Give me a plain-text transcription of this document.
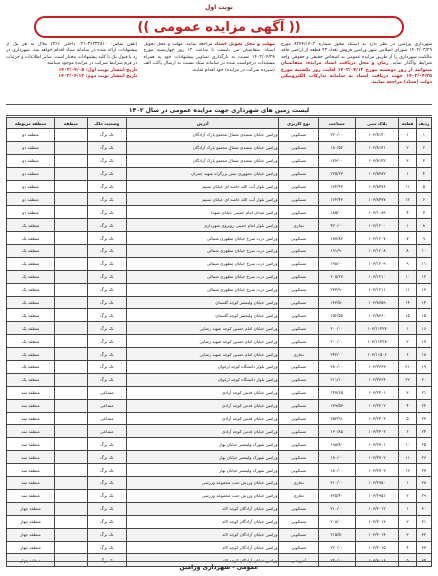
نوبت اول
(( آگهی مزایده عمومی ))
شهرداری ورامین در نظر دارد به استناد مجوز شماره ۸۲۴۴/۱۴۰۲ مورخ ۱۴۰۲/۰۳/۲۹ شورای اسلامی شهر ورامین فروش تعداد ۴۳ قطعه از اراضی فاقد مالکیت شهرداری را از طریق مزایده عمومی به اشخاص حقیقی و حقوقی واجد شرایط واگذار نماید. زمان و محل دریافت اسناد مزایده: متقاضیان میتوانند از روز دوشنبه مورخ ۱۴۰۲/۰۴/۱۲ لغایت روز یکشنبه مورخ ۱۴۰۲/۰۴/۲۵ جهت دریافت اسناد به سامانه تدارکات الکترونیکی دولت (ستاد) مراجعه نمایند.
مهلت و محل تحویل اسناد مراجعه نمایند. مهلت و محل تحویل اسناد: متقاضیان می بایست تا ساعت ۱۲ روز چهارشنبه مورخ ۱۴۰۲/۰۴/۲۸ نسبت به بارگذاری تصاویر پیشنهادات خود به همراه مستندات درخواست شده در سامانه ستاد نسبت به ارسال پاکت الف (سپرده شرکت در مزایده) خود اقدام نمایند.
(تلفن تماس: ۳۶۲۳۲۸۱۰-۰۲۱ داخلی ۳۶۶) ملاک به هر یک از پیشنهادات ارائه شده در سامانه ستاد اقدام خواهد شد. شهرداری در رد یا قبول یک یا کلیه پیشنهادات مختار است. سایر اطلاعات و جزئیات در فرم شرایط شرکت در مزایده موجود میباشد.
تاریخ انتشار نوبت اول: ۱۴۰۲/۰۴/۰۵
تاریخ انتشار نوبت دوم: ۱۴۰۲/۰۴/۱۲
لیست زمین های شهرداری جهت مزایده عمومی در سال ۱۴۰۲
ردیف	قطعه	پلاک ثبتی	مساحت	نوع کاربری	آدرس	وضعیت ملک	منطقه	منطقه مربوطه
۱	۱	۱۰۳/۸۱۴۰	۲۲۰/۰۰	مسکونی	ورامین خیابان سعیدی شمال مجتمع پارک آزادگان	تک برگ		منطقه دو
۲	۲	۱۰۳/۸۱۴۱	۱۸۰/۵۲	مسکونی	ورامین خیابان سعیدی شمال مجتمع پارک آزادگان	تک برگ		منطقه دو
۳	۳	۱۰۳/۸۱۴۲	۱۷۶/۰۰	مسکونی	ورامین خیابان سعیدی شمال مجتمع پارک آزادگان	تک برگ		منطقه دو
۴	۱	۱۰۳/۸۴۸۲	۲۲۵/۲۳	مسکونی	ورامین خیابان جمهوری نبش بزرگراه شهید چمران	تک برگ		منطقه دو
۵	۱۱	۱۰۳/۸۴۷۶	۱۶۴/۴۳	مسکونی	ورامین بلوار آیت الله خامنه ای خیابان نسیم	تک برگ		منطقه دو
۶	۱۲	۱۰۳/۸۴۷۷	۱۶۴/۴۳	مسکونی	ورامین بلوار آیت الله خامنه ای خیابان نسیم	تک برگ		منطقه دو
۷	۴	۱۰۳/۱۰۸۹	۱۸۵/۰۰	مسکونی	ورامین میدان امام خمینی خیابان شهدا	تک برگ		منطقه دو
۸	۱	۱۰۳/۱۲۰۰	۴۲۰/۰۰	تجاری	ورامین بلوار امام خمینی روبروی شهرداری	تک برگ		منطقه یک
۹	۷	۱۰۳/۱۲۰۷	۱۸۷/۸۶	مسکونی	ورامین درب سرخ خیابان مطهری شمالی	تک برگ		منطقه یک
۱۰	۸	۱۰۳/۱۲۰۸	۱۹۱/۹۰	مسکونی	ورامین درب سرخ خیابان مطهری شمالی	تک برگ		منطقه یک
۱۱	۹	۱۰۳/۱۲۰۹	۱۹۸/۰۰	مسکونی	ورامین درب سرخ خیابان مطهری شمالی	تک برگ		منطقه یک
۱۲	۱۰	۱۰۳/۱۲۱۰	۲۰۵/۲۷	مسکونی	ورامین درب سرخ خیابان مطهری شمالی	تک برگ		منطقه یک
۱۳	۱۱	۱۰۳/۱۲۱۱	۲۷۳/۹۰	مسکونی	ورامین درب سرخ خیابان مطهری شمالی	تک برگ		منطقه یک
۱۴	۱۴	۱۰۳/۸۳۵۹	۱۴۳/۵۰	مسکونی	ورامین خیابان ولیعصر کوچه گلستان	تک برگ		منطقه یک
۱۵	۱۵	۱۰۳/۸۳۶۰	۱۵۲/۵۸	مسکونی	ورامین خیابان ولیعصر کوچه گلستان	تک برگ		منطقه یک
۱۶	۱	۱۰۳/۱۱۴۲۷	۲۰۰/۰۰	مسکونی	ورامین خیابان امام حسین کوچه شهید رضایی	تک برگ		منطقه یک
۱۷	۲	۱۰۳/۱۱۴۲۸	۲۰۰/۰۰	مسکونی	ورامین خیابان امام حسین کوچه شهید رضایی	تک برگ		منطقه یک
۱۸	۶	۱۰۳/۱۱۵۰۶	۲۴۲/۰۰	تجاری	ورامین خیابان امام حسین کوچه شهید رضایی	تک برگ		منطقه یک
۱۹	۲۱	۱۰۳/۲۳۶۳	۲۸۰/۰۰	مسکونی	ورامین بلوار دانشگاه کوچه ارغوان	تک برگ		منطقه یک
۲۰	۲۲	۱۰۳/۲۳۶۴	۲۱۱/۱۰	مسکونی	ورامین بلوار دانشگاه کوچه ارغوان	تک برگ		منطقه یک
۲۱	۳	۱۰۳/۲۴۰۱	۱۴۷/۶۵	مسکونی	ورامین خیابان قدس کوچه آزادی	مشاعی		منطقه سه
۲۲	۴	۱۰۳/۲۴۰۲	۱۷۹/۵۳	مسکونی	ورامین خیابان قدس کوچه آزادی	مشاعی		منطقه سه
۲۳	۵	۱۰۳/۲۴۰۳	۲۵۳/۹۱	مسکونی	ورامین خیابان قدس کوچه آزادی	مشاعی		منطقه سه
۲۴	۶	۱۰۳/۲۴۰۴	۱۳۰/۸۵	مسکونی	ورامین خیابان قدس کوچه آزادی	مشاعی		منطقه سه
۲۵	۱۰	۱۰۳/۲۷۰۱	۱۹۸/۸۰	مسکونی	ورامین شهرک ولیعصر خیابان بهار	تک برگ		منطقه سه
۲۶	۱۱	۱۰۳/۲۷۰۲	۱۸۰/۰۰	مسکونی	ورامین شهرک ولیعصر خیابان بهار	تک برگ		منطقه سه
۲۷	۱۲	۱۰۳/۲۷۰۳	۱۸۰/۰۰	مسکونی	ورامین شهرک ولیعصر خیابان بهار	تک برگ		منطقه سه
۲۸	۱	۱۰۳/۲۹۵۰	۳۱۰/۰۰	تجاری	ورامین خیابان ورزش جنب مجموعه ورزشی	تک برگ		منطقه سه
۲۹	۲	۱۰۳/۲۹۵۱	۳۲۵/۴۰	تجاری	ورامین خیابان ورزش جنب مجموعه ورزشی	تک برگ		منطقه سه
۳۰	۱	۱۰۳/۳۰۱۲	۲۱۰/۰۰	مسکونی	ورامین خیابان آزادگان کوچه لاله	تک برگ		منطقه چهار
۳۱	۲	۱۰۳/۳۰۱۳	۲۰۸/۰۰	مسکونی	ورامین خیابان آزادگان کوچه لاله	تک برگ		منطقه چهار
۳۲	۳	۱۰۳/۳۰۱۴	۲۱۵/۵۰	مسکونی	ورامین خیابان آزادگان کوچه لاله	تک برگ		منطقه چهار
۳۳	۴	۱۰۳/۳۰۱۵	۲۲۰/۰۰	مسکونی	ورامین خیابان آزادگان کوچه لاله	تک برگ		منطقه چهار
۳۴	۵	۱۰۳/۳۰۱۶	۲۴۰/۰۰	آموزشی	ورامین خیابان آزادگان کوچه لاله	تک برگ		منطقه چهار
عمومی - شهرداری ورامین
